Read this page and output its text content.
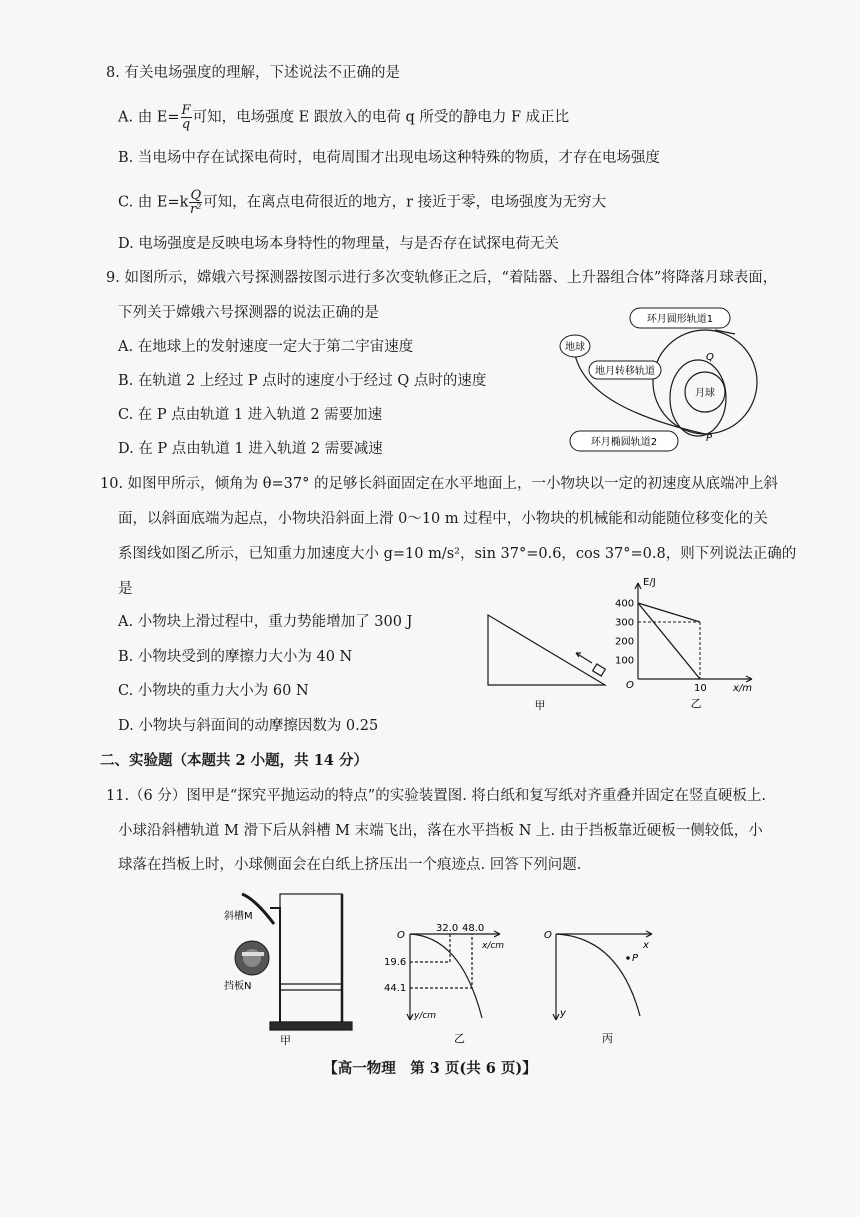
8. 有关电场强度的理解，下述说法不正确的是
A. 由 $E= \frac{F}{q}$ 可知，电场强度 E 跟放入的电荷 q 所受的静电力 F 成正比
B. 当电场中存在试探电荷时，电荷周围才出现电场这种特殊的物质，才存在电场强度
C. 由 $E=k \frac{Q}{\text{r²}}$ 可知，在离点电荷很近的地方，r 接近于零，电场强度为无穷大
D. 电场强度是反映电场本身特性的物理量，与是否存在试探电荷无关
9. 如图所示，嫦娥六号探测器按图示进行多次变轨修正之后，“着陆器、上升器组合体”将降落月球表面，
下列关于嫦娥六号探测器的说法正确的是
A. 在地球上的发射速度一定大于第二宇宙速度
B. 在轨道 2 上经过 P 点时的速度小于经过 Q 点时的速度
C. 在 P 点由轨道 1 进入轨道 2 需要加速
D. 在 P 点由轨道 1 进入轨道 2 需要减速
环月圆形轨道1
地球
地月转移轨道
月球
环月椭圆轨道2
Q
P
10. 如图甲所示，倾角为 θ=37° 的足够长斜面固定在水平地面上，一小物块以一定的初速度从底端冲上斜
面，以斜面底端为起点，小物块沿斜面上滑 0～10 m 过程中，小物块的机械能和动能随位移变化的关
系图线如图乙所示，已知重力加速度大小 g=10 m/s²，sin 37°=0.6，cos 37°=0.8，则下列说法正确的
是
A. 小物块上滑过程中，重力势能增加了 300 J
B. 小物块受到的摩擦力大小为 40 N
C. 小物块的重力大小为 60 N
D. 小物块与斜面间的动摩擦因数为 0.25
甲
400
300
200
100
10
E/J
x/m
O
乙
二、实验题（本题共 2 小题，共 14 分）
11.（6 分）图甲是“探究平抛运动的特点”的实验装置图. 将白纸和复写纸对齐重叠并固定在竖直硬板上.
小球沿斜槽轨道 M 滑下后从斜槽 M 末端飞出，落在水平挡板 N 上. 由于挡板靠近硬板一侧较低，小
球落在挡板上时，小球侧面会在白纸上挤压出一个痕迹点. 回答下列问题.
斜槽M
挡板N
甲
O
32.0 48.0
x/cm
19.6
44.1
y/cm
乙
O
x
y
P
丙
【高一物理　第 3 页(共 6 页)】
